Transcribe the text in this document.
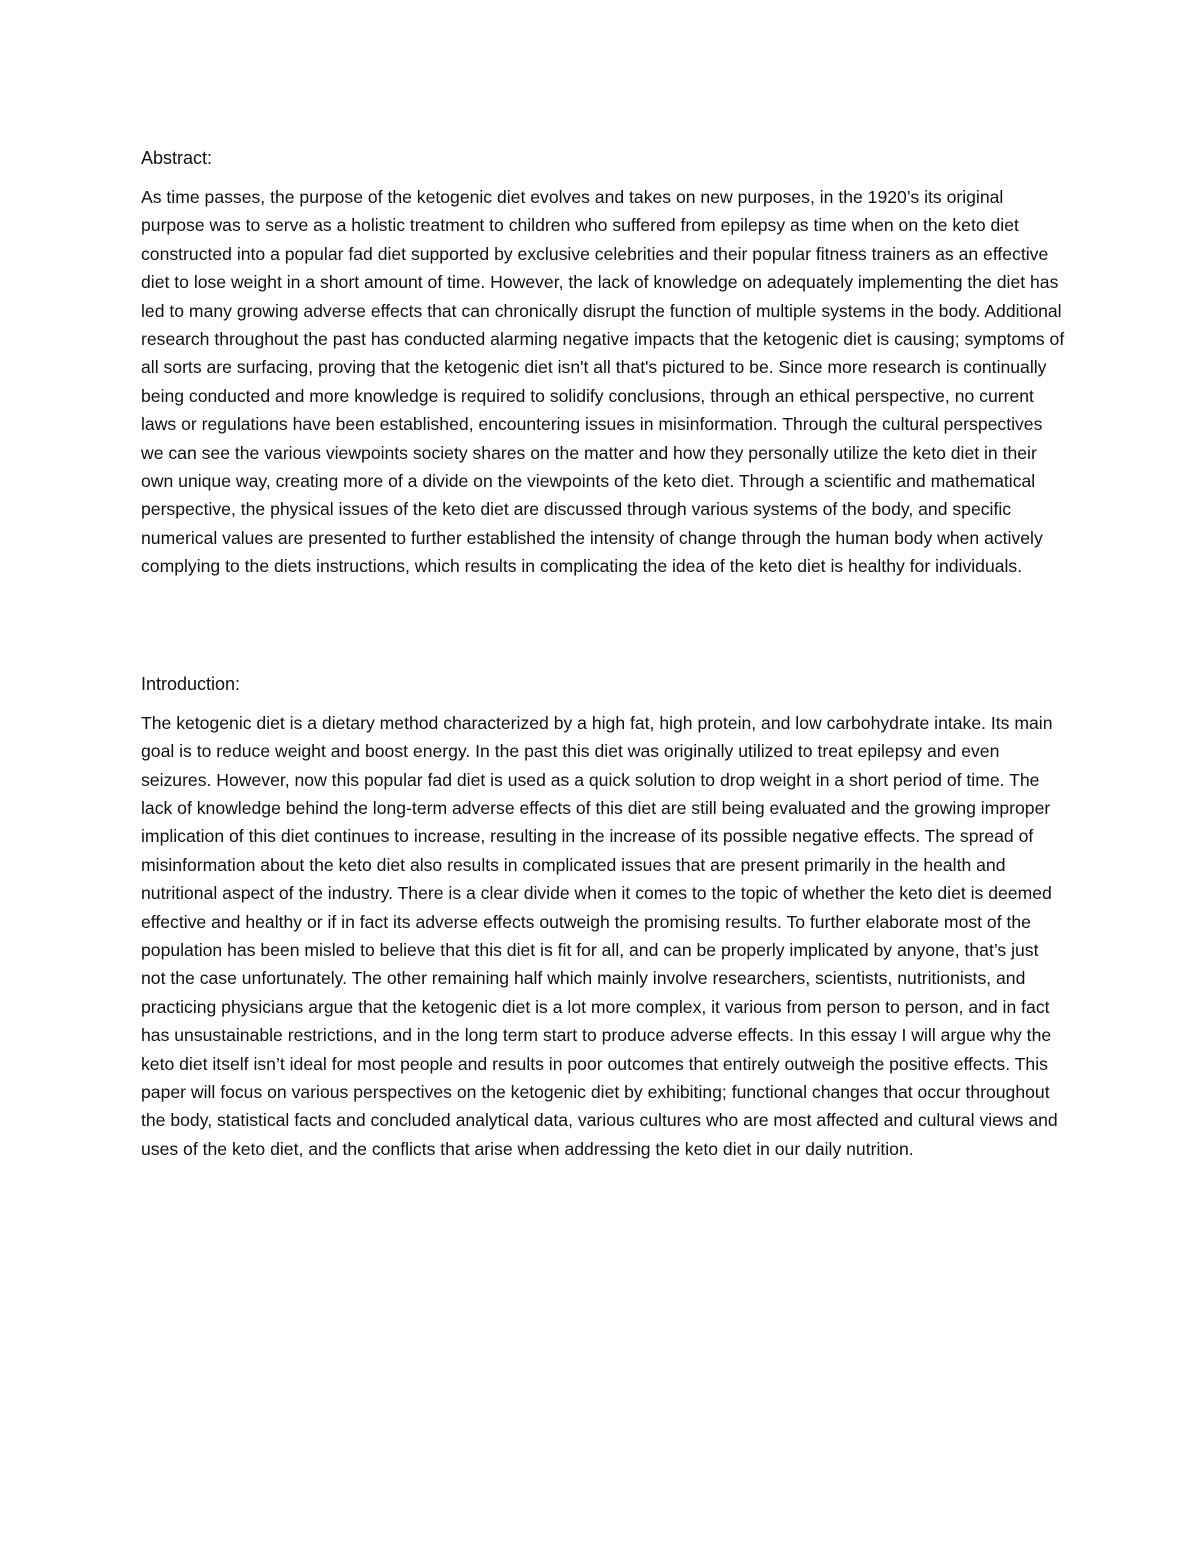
Abstract:

As time passes, the purpose of the ketogenic diet evolves and takes on new purposes, in the 1920’s its original purpose was to serve as a holistic treatment to children who suffered from epilepsy as time when on the keto diet constructed into a popular fad diet supported by exclusive celebrities and their popular fitness trainers as an effective diet to lose weight in a short amount of time. However, the lack of knowledge on adequately implementing the diet has led to many growing adverse effects that can chronically disrupt the function of multiple systems in the body. Additional research throughout the past has conducted alarming negative impacts that the ketogenic diet is causing; symptoms of all sorts are surfacing, proving that the ketogenic diet isn't all that's pictured to be. Since more research is continually being conducted and more knowledge is required to solidify conclusions, through an ethical perspective, no current laws or regulations have been established, encountering issues in misinformation. Through the cultural perspectives we can see the various viewpoints society shares on the matter and how they personally utilize the keto diet in their own unique way, creating more of a divide on the viewpoints of the keto diet. Through a scientific and mathematical perspective, the physical issues of the keto diet are discussed through various systems of the body, and specific numerical values are presented to further established the intensity of change through the human body when actively complying to the diets instructions, which results in complicating the idea of the keto diet is healthy for individuals.

Introduction:

The ketogenic diet is a dietary method characterized by a high fat, high protein, and low carbohydrate intake. Its main goal is to reduce weight and boost energy. In the past this diet was originally utilized to treat epilepsy and even seizures. However, now this popular fad diet is used as a quick solution to drop weight in a short period of time. The lack of knowledge behind the long-term adverse effects of this diet are still being evaluated and the growing improper implication of this diet continues to increase, resulting in the increase of its possible negative effects. The spread of misinformation about the keto diet also results in complicated issues that are present primarily in the health and nutritional aspect of the industry. There is a clear divide when it comes to the topic of whether the keto diet is deemed effective and healthy or if in fact its adverse effects outweigh the promising results. To further elaborate most of the population has been misled to believe that this diet is fit for all, and can be properly implicated by anyone, that’s just not the case unfortunately. The other remaining half which mainly involve researchers, scientists, nutritionists, and practicing physicians argue that the ketogenic diet is a lot more complex, it various from person to person, and in fact has unsustainable restrictions, and in the long term start to produce adverse effects. In this essay I will argue why the keto diet itself isn’t ideal for most people and results in poor outcomes that entirely outweigh the positive effects. This paper will focus on various perspectives on the ketogenic diet by exhibiting; functional changes that occur throughout the body, statistical facts and concluded analytical data, various cultures who are most affected and cultural views and uses of the keto diet, and the conflicts that arise when addressing the keto diet in our daily nutrition.
